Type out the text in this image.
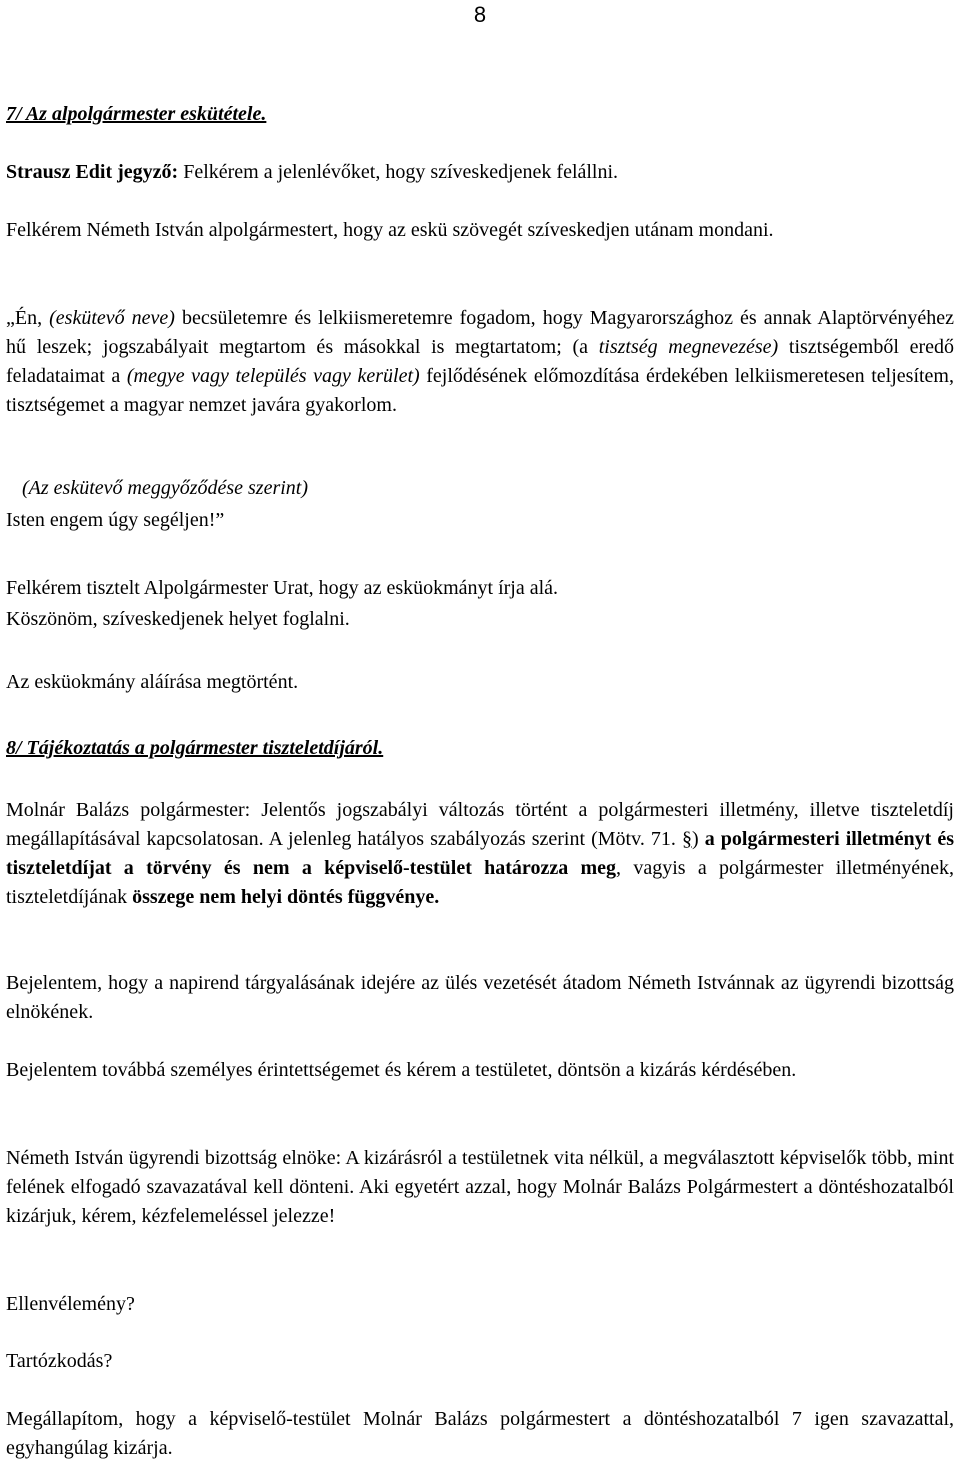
8

7/ Az alpolgármester eskütétele.

Strausz Edit jegyző: Felkérem a jelenlévőket, hogy szíveskedjenek felállni.

Felkérem Németh István alpolgármestert, hogy az eskü szövegét szíveskedjen utánam mondani.

„Én, (eskütevő neve) becsületemre és lelkiismeretemre fogadom, hogy Magyarországhoz és annak Alaptörvényéhez hű leszek; jogszabályait megtartom és másokkal is megtartatom; (a tisztség megnevezése) tisztségemből eredő feladataimat a (megye vagy település vagy kerület) fejlődésének előmozdítása érdekében lelkiismeretesen teljesítem, tisztségemet a magyar nemzet javára gyakorlom.

(Az eskütevő meggyőződése szerint)

Isten engem úgy segéljen!”

Felkérem tisztelt Alpolgármester Urat, hogy az esküokmányt írja alá.

Köszönöm, szíveskedjenek helyet foglalni.

Az esküokmány aláírása megtörtént.

8/ Tájékoztatás a polgármester tiszteletdíjáról.

Molnár Balázs polgármester: Jelentős jogszabályi változás történt a polgármesteri illetmény, illetve tiszteletdíj megállapításával kapcsolatosan. A jelenleg hatályos szabályozás szerint (Mötv. 71. §) a polgármesteri illetményt és tiszteletdíjat a törvény és nem a képviselő-testület határozza meg, vagyis a polgármester illetményének, tiszteletdíjának összege nem helyi döntés függvénye.

Bejelentem, hogy a napirend tárgyalásának idejére az ülés vezetését átadom Németh Istvánnak az ügyrendi bizottság elnökének.

Bejelentem továbbá személyes érintettségemet és kérem a testületet, döntsön a kizárás kérdésében.

Németh István ügyrendi bizottság elnöke: A kizárásról a testületnek vita nélkül, a megválasztott képviselők több, mint felének elfogadó szavazatával kell dönteni. Aki egyetért azzal, hogy Molnár Balázs Polgármestert a döntéshozatalból kizárjuk, kérem, kézfelemeléssel jelezze!

Ellenvélemény?

Tartózkodás?

Megállapítom, hogy a képviselő-testület Molnár Balázs polgármestert a döntéshozatalból 7 igen szavazattal, egyhangúlag kizárja.
